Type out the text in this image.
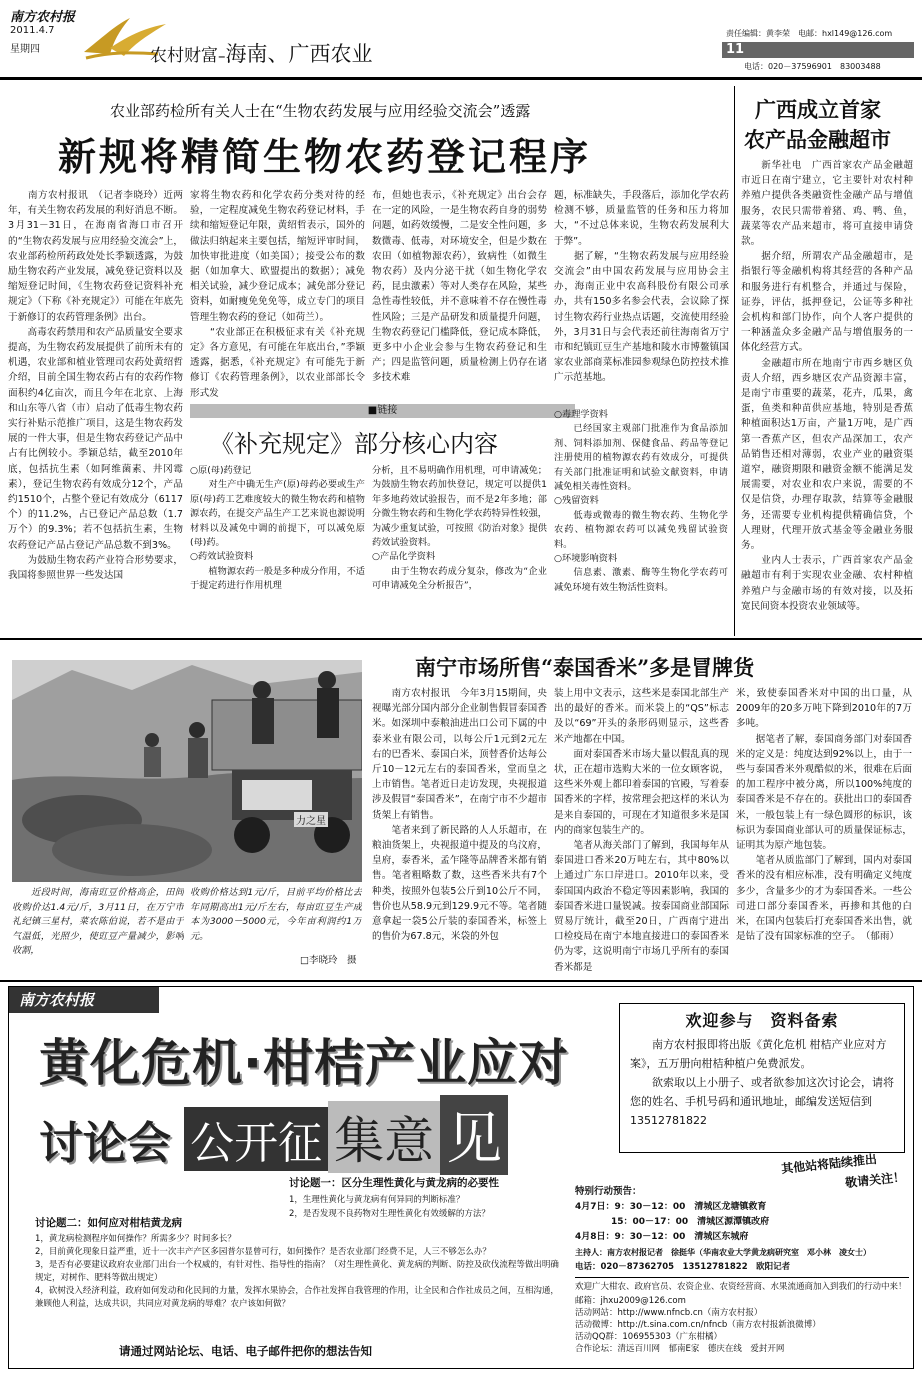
南方农村报
2011.4.7
星期四	农村财富–海南、广西农业
责任编辑：黄李荣　电邮：hxl149@126.com
11
电话：020－37596901　83003488
农业部药检所有关人士在“生物农药发展与应用经验交流会”透露
新规将精简生物农药登记程序
　　南方农村报讯　（记者李晓玲）近两年，有关生物农药发展的利好消息不断。3月31－31日，在海南省海口市召开的“生物农药发展与应用经验交流会”上，农业部药检所药政处处长季颖透露，为鼓励生物农药产业发展，减免登记资料以及缩短登记时间，《生物农药登记资料补充规定》（下称《补充规定》）可能在年底先于新修订的农药管理条例》出台。
　　高毒农药禁用和农产品质量安全要求提高，为生物农药发展提供了前所未有的机遇，农业部和植业管理司农药处黄绍哲介绍，目前全国生物农药占有的农药作物面积约4亿亩次，而且今年在北京、上海和山东等八省（市）启动了低毒生物农药实行补贴示范推广项目，这是生物农药发展的一件大事，但是生物农药登记产品中占有比例较小。季颖总结，截至2010年底，包括抗生素（如阿维菌素、井冈霉素），登记生物农药有效成分12个，产品约1510个，占整个登记有效成分（6117个）的11.2%，占已登记产品总数（1.7万个）的9.3%；若不包括抗生素，生物农药登记产品占登记产品总数不到3%。
　　为鼓励生物农药产业符合形势要求，我国将参照世界一些发达国
家将生物农药和化学农药分类对待的经验，一定程度减免生物农药登记材料，手续和缩短登记年限，黄绍哲表示，国外的做法归纳起来主要包括，缩短评审时间，加快审批进度（如美国）；接受公布的数据（如加拿大、欧盟提出的数据）；减免相关试验，减少登记成本；减免部分登记资料，如耐瘦免免免等，成立专门的项目管理生物农药的登记（如荷兰）。
　　“农业部正在积极征求有关《补充规定》各方意见，有可能在年底出台，”季颖透露，据悉，《补充规定》有可能先于新修订《农药管理条例》，以农业部部长令形式发
布，但她也表示，《补充规定》出台会存在一定的风险，一是生物农药自身的弱势问题，如药效缓慢，二是安全性问题，多数微毒、低毒，对环境安全，但是少数在农田（如植物源农药），致病性（如微生物农药）及内分泌干扰（如生物化学农药，昆虫激素）等对人类存在风险，某些急性毒性较低，并不意味着不存在慢性毒性风险；三是产品研发和质量提升问题，生物农药登记门槛降低，登记成本降低，更多中小企业会参与生物农药登记和生产；四是监管问题，质量检测上仍存在诸多技术难
题，标准缺失，手段落后，添加化学农药检测不够，质量监管的任务和压力将加大，“不过总体来说，生物农药发展利大于弊”。
　　据了解，“生物农药发展与应用经验交流会”由中国农药发展与应用协会主办，海南正业中农高科股份有限公司承办，共有150多名参会代表，会议除了探讨生物农药行业热点话题，交流使用经验外，3月31日与会代表还前往海南省万宁市和纪镇豇豆生产基地和陵水市博鳌镇国家农业部商菜标准园参观绿色防控技术推广示范基地。
■链接
《补充规定》部分核心内容
○原(母)药登记
　　对生产中确无生产(原)母药必要或生产原(母)药工艺难度较大的微生物农药和植物源农药，在提交产品生产工艺来说也源说明材料以及减免中调的前提下，可以减免原(母)药。
○药效试验资料
　　植物源农药一般是多种成分作用，不适于提定药进行作用机理
分析，且不易明确作用机理，可申请减免；为鼓励生物农药加快登记，规定可以提供1年多地药效试验报告，而不是2年多地；部分微生物农药和生物化学农药特异性较强，为减少重复试验，可按照《防治对象》提供药效试验资料。
○产品化学资料
　　由于生物农药成分复杂，修改为“企业可申请减免全分析报告”，
○毒理学资料
　　已经国家主观部门批准作为食品添加剂、饲料添加剂、保健食品、药品等登记注册使用的植物源农药有效成分，可提供有关部门批准证明和试验文献资料，申请减免相关毒性资料。
○残留资料
　　低毒或微毒的微生物农药、生物化学农药、植物源农药可以减免残留试验资料。
○环境影响资料
　　信息素、激素、酶等生物化学农药可减免环境有效生物活性资料。
广西成立首家
农产品金融超市
　　新华社电　广西首家农产品金融超市近日在南宁建立，它主要针对农村种养殖户提供各类融资性金融产品与增值服务，农民只需带着猪、鸡、鸭、鱼，蔬菜等农产品来超市，将可直接申请贷款。
　　据介绍，所谓农产品金融超市，是指银行等金融机构将其经营的各种产品和服务进行有机整合，并通过与保险，证券，评估，抵押登记，公证等多种社会机构和部门协作，向个人客户提供的一种涵盖众多金融产品与增值服务的一体化经营方式。
　　金融超市所在地南宁市西乡塘区负责人介绍，西乡塘区农产品资源丰富，是南宁市重要的蔬菜，花卉，瓜果，禽蛋，鱼类和种苗供应基地，特别是香蕉种植面积达1万亩，产量1万吨，是广西第一香蕉产区，但农产品深加工，农产品销售还相对薄弱，农业产业的融资渠道窄，融资期限和融资金额不能满足发展需要，对农业和农户来说，需要的不仅是信贷，办理存取款，结算等金融服务，还需要专业机构提供精确信贷，个人理财，代理开放式基金等金融业务服务。
　　业内人士表示，广西首家农产品金融超市有利于实现农业金融、农村种植养殖户与金融市场的有效对接，以及拓宽民间资本投资农业领域等。
力之星
　　近段时间，海南豇豆价格高企，田间收购价达1.4元/斤，3月11日，在万宁市礼纪镇三星村，菜农陈伯说，若不是由于气温低，光照少，使豇豆产量减少，影响收割，
收购价格达到1元/斤，目前平均价格比去年同期高出1元/斤左右，每亩豇豆生产成本为3000－5000元，今年亩利润约1万元。
□李晓玲　摄
南宁市场所售“泰国香米”多是冒牌货
　　南方农村报讯　今年3月15期间，央视曝光部分国内部分企业制售假冒泰国香米。如深圳中泰粮油进出口公司下属的中泰米业有限公司，以每公斤1元到2元左右的巴香米、泰国白米，顶替香价达每公斤10－12元左右的泰国香米，堂而皇之上市销售。笔者近日走访发现，央视报道涉及假冒“泰国香米”，在南宁市不少超市货架上有销售。
　　笔者来到了新民路的人人乐超市，在粮油货架上，央视报道中提及的乌汶府，皇府，泰香米，孟乍隆等品牌香米都有销售。笔者粗略数了数，这些香米共有7个种类，按照外包装5公斤到10公斤不同，售价也从58.9元到129.9元不等。笔者随意拿起一袋5公斤装的泰国香米，标签上的售价为67.8元，米袋的外包
装上用中文表示，这些米是泰国北部生产出的最好的香米。而米袋上的“QS”标志及以“69”开头的条形码则显示，这些香米产地都在中国。
　　面对泰国香米市场大量以假乱真的现状，正在超市选购大米的一位女顾客说，这些米外观上都印着泰国的官殿，写着泰国香米的字样，按常理会把这样的米认为是来自泰国的，可现在才知道很多米是国内的商家包装生产的。
　　笔者从海关部门了解到，我国每年从泰国进口香米20万吨左右，其中80%以上通过广东口岸进口。2010年以来，受泰国国内政治不稳定等因素影响，我国的泰国香米进口量锐减。按泰国商业部国际贸易厅统计，截至20日，广西南宁进出口检疫局在南宁本地直接进口的泰国香米仍为零，这说明南宁市场几乎所有的泰国香米都是
米，致使泰国香米对中国的出口量，从2009年的20多万吨下降到2010年的7万多吨。
　　据笔者了解，泰国商务部门对泰国香米的定义是：纯度达到92%以上，由于一些与泰国香米外观酷似的米，很难在后面的加工程序中被分离，所以100%纯度的泰国香米是不存在的。获批出口的泰国香米，一般包装上有一绿色圆形的标识，该标识为泰国商业部认可的质量保证标志，证明其为原产地包装。
　　笔者从质监部门了解到，国内对泰国香米的没有相应标准，没有明确定义纯度多少，含量多少的才为泰国香米。一些公司进口部分泰国香米，再掺和其他的白米，在国内包装后打充泰国香米出售，就是钻了没有国家标准的空子。　（郁雨）
南方农村报
黄化危机·柑桔产业应对
讨论会 公开征 集意 见
欢迎参与　资料备索
　　南方农村报即将出版《黄化危机 柑桔产业应对方案》，五万册向柑桔种植户免费派发。
　　欲索取以上小册子、或者欲参加这次讨论会，请将您的姓名、手机号码和通讯地址，邮编发送短信到 13512781822
其他站将陆续推出
敬请关注！
讨论题一：区分生理性黄化与黄龙病的必要性
1，生理性黄化与黄龙病有何异同的判断标准？
2，是否发现不良药物对生理性黄化有效缓解的方法？
讨论题二：如何应对柑桔黄龙病
1，黄龙病检测程序如何操作？所需多少？时间多长？
2，目前黄化现象日益严重，近十一次丰产产区多园普尔显曾可行，如何操作？是否农业部门经费不足，人三不够怎么办？
3，是否有必要建议政府农业部门出台一个权威的，有针对性、指导性的指南？（对生理性黄化、黄龙病的判断、防控及砍伐流程等做出明确规定，对树作、肥料等做出规定）
4，砍树没入经济利益，政府如何发动和化民间的力量，发挥水果协会，合作社发挥自我管理的作用，让全民和合作社成员之间，互相沟通，兼顾他人利益，达成共识，共同应对黄龙病的辱难？农户该如何做？
请通过网站论坛、电话、电子邮件把你的想法告知
特别行动预告：
4月7日：9：30－12：00　清城区龙塘镇救育
　　　　15：00－17：00　清城区源潭镇改府
4月8日：9：30－12：00　清城区东城府
主持人：南方农村报记者　徐挺华（华南农业大学黄龙病研究室　邓小林　凌女士）
电话：020－87362705　13512781822　欧阳记者
欢迎广大柑农、政府官员、农资企业、农资经营商、水果流通商加入到我们的行动中来！
邮箱：jhxu2009@126.com
活动网站：http://www.nfncb.cn（南方农村报）
活动微博：http://t.sina.com.cn/nfncb（南方农村报新浪微博）
活动QQ群：106955303（广东柑橘）
合作论坛：清远百川网　郁南E家　德庆在线　爱封开网
